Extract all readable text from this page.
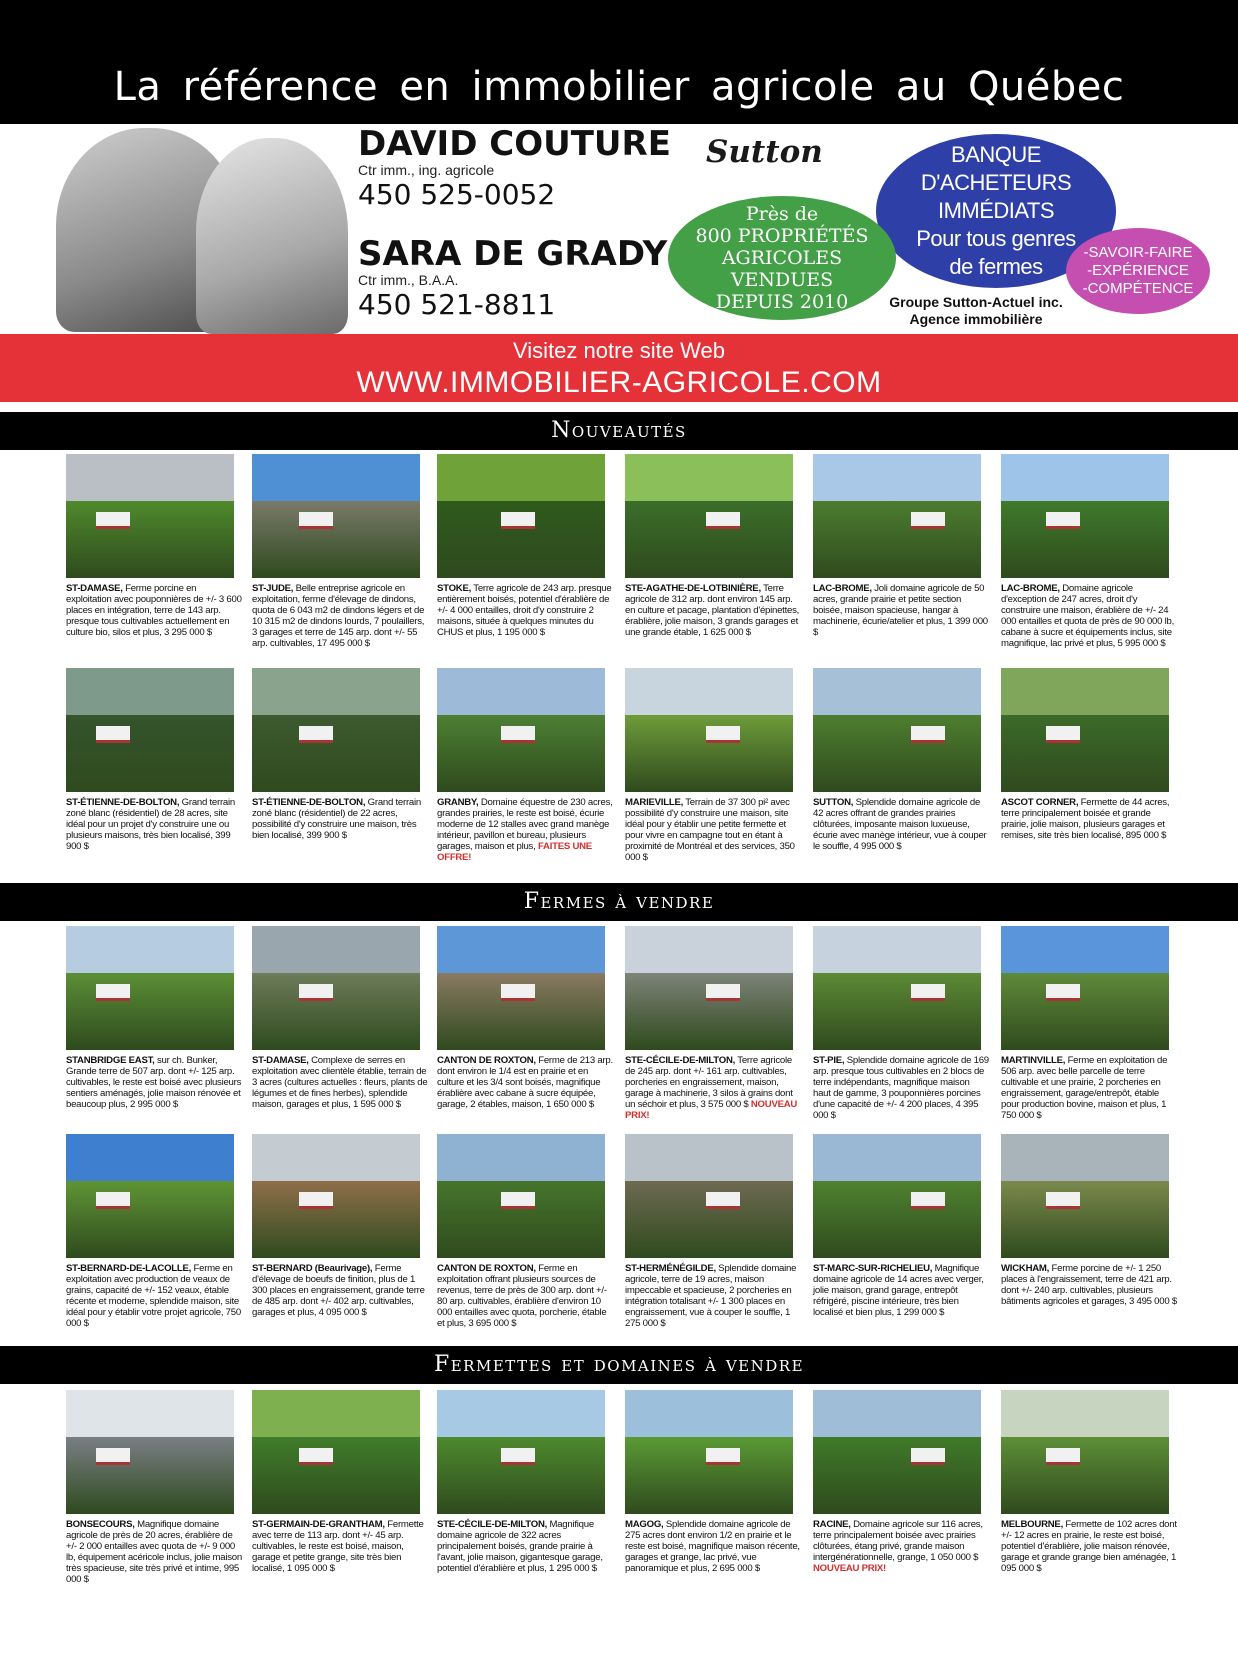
La référence en immobilier agricole au Québec
DAVID COUTURE
Ctr imm., ing. agricole
450 525-0052
SARA DE GRADY
Ctr imm., B.A.A.
450 521-8811
Sutton	BANQUE
D'ACHETEURS IMMÉDIATS
Pour tous genres
de fermes
Près de
800 PROPRIÉTÉS
AGRICOLES VENDUES
DEPUIS 2010
-SAVOIR-FAIRE
-EXPÉRIENCE
-COMPÉTENCE
Groupe Sutton-Actuel inc.
Agence immobilière
Visitez notre site Web
WWW.IMMOBILIER-AGRICOLE.COM
Nouveautés
Fermes à vendre
Fermettes et domaines à vendre
ST-DAMASE, Ferme porcine en exploitation avec pouponnières de +/- 3 600 places en intégration, terre de 143 arp. presque tous cultivables actuellement en culture bio, silos et plus, 3 295 000 $
ST-JUDE, Belle entreprise agricole en exploitation, ferme d'élevage de dindons, quota de 6 043 m2 de dindons légers et de 10 315 m2 de dindons lourds, 7 poulaillers, 3 garages et terre de 145 arp. dont +/- 55 arp. cultivables, 17 495 000 $
STOKE, Terre agricole de 243 arp. presque entièrement boisés, potentiel d'érablière de +/- 4 000 entailles, droit d'y construire 2 maisons, située à quelques minutes du CHUS et plus, 1 195 000 $
STE-AGATHE-DE-LOTBINIÈRE, Terre agricole de 312 arp. dont environ 145 arp. en culture et pacage, plantation d'épinettes, érablière, jolie maison, 3 grands garages et une grande étable, 1 625 000 $
LAC-BROME, Joli domaine agricole de 50 acres, grande prairie et petite section boisée, maison spacieuse, hangar à machinerie, écurie/atelier et plus, 1 399 000 $
LAC-BROME, Domaine agricole d'exception de 247 acres, droit d'y construire une maison, érablière de +/- 24 000 entailles et quota de près de 90 000 lb, cabane à sucre et équipements inclus, site magnifique, lac privé et plus, 5 995 000 $
ST-ÉTIENNE-DE-BOLTON, Grand terrain zoné blanc (résidentiel) de 28 acres, site idéal pour un projet d'y construire une ou plusieurs maisons, très bien localisé, 399 900 $
ST-ÉTIENNE-DE-BOLTON, Grand terrain zoné blanc (résidentiel) de 22 acres, possibilité d'y construire une maison, très bien localisé, 399 900 $
GRANBY, Domaine équestre de 230 acres, grandes prairies, le reste est boisé, écurie moderne de 12 stalles avec grand manège intérieur, pavillon et bureau, plusieurs garages, maison et plus, FAITES UNE OFFRE!
MARIEVILLE, Terrain de 37 300 pi² avec possibilité d'y construire une maison, site idéal pour y établir une petite fermette et pour vivre en campagne tout en étant à proximité de Montréal et des services, 350 000 $
SUTTON, Splendide domaine agricole de 42 acres offrant de grandes prairies clôturées, imposante maison luxueuse, écurie avec manège intérieur, vue à couper le souffle, 4 995 000 $
ASCOT CORNER, Fermette de 44 acres, terre principalement boisée et grande prairie, jolie maison, plusieurs garages et remises, site très bien localisé, 895 000 $
STANBRIDGE EAST, sur ch. Bunker, Grande terre de 507 arp. dont +/- 125 arp. cultivables, le reste est boisé avec plusieurs sentiers aménagés, jolie maison rénovée et beaucoup plus, 2 995 000 $
ST-DAMASE, Complexe de serres en exploitation avec clientèle établie, terrain de 3 acres (cultures actuelles : fleurs, plants de légumes et de fines herbes), splendide maison, garages et plus, 1 595 000 $
CANTON DE ROXTON, Ferme de 213 arp. dont environ le 1/4 est en prairie et en culture et les 3/4 sont boisés, magnifique érablière avec cabane à sucre équipée, garage, 2 étables, maison, 1 650 000 $
STE-CÉCILE-DE-MILTON, Terre agricole de 245 arp. dont +/- 161 arp. cultivables, porcheries en engraissement, maison, garage à machinerie, 3 silos à grains dont un séchoir et plus, 3 575 000 $ NOUVEAU PRIX!
ST-PIE, Splendide domaine agricole de 169 arp. presque tous cultivables en 2 blocs de terre indépendants, magnifique maison haut de gamme, 3 pouponnières porcines d'une capacité de +/- 4 200 places, 4 395 000 $
MARTINVILLE, Ferme en exploitation de 506 arp. avec belle parcelle de terre cultivable et une prairie, 2 porcheries en engraissement, garage/entrepôt, étable pour production bovine, maison et plus, 1 750 000 $
ST-BERNARD-DE-LACOLLE, Ferme en exploitation avec production de veaux de grains, capacité de +/- 152 veaux, étable récente et moderne, splendide maison, site idéal pour y établir votre projet agricole, 750 000 $
ST-BERNARD (Beaurivage), Ferme d'élevage de boeufs de finition, plus de 1 300 places en engraissement, grande terre de 485 arp. dont +/- 402 arp. cultivables, garages et plus, 4 095 000 $
CANTON DE ROXTON, Ferme en exploitation offrant plusieurs sources de revenus, terre de près de 300 arp. dont +/- 80 arp. cultivables, érablière d'environ 10 000 entailles avec quota, porcherie, étable et plus, 3 695 000 $
ST-HERMÉNÉGILDE, Splendide domaine agricole, terre de 19 acres, maison impeccable et spacieuse, 2 porcheries en intégration totalisant +/- 1 300 places en engraissement, vue à couper le souffle, 1 275 000 $
ST-MARC-SUR-RICHELIEU, Magnifique domaine agricole de 14 acres avec verger, jolie maison, grand garage, entrepôt réfrigéré, piscine intérieure, très bien localisé et bien plus, 1 299 000 $
WICKHAM, Ferme porcine de +/- 1 250 places à l'engraissement, terre de 421 arp. dont +/- 240 arp. cultivables, plusieurs bâtiments agricoles et garages, 3 495 000 $
BONSECOURS, Magnifique domaine agricole de près de 20 acres, érablière de +/- 2 000 entailles avec quota de +/- 9 000 lb, équipement acéricole inclus, jolie maison très spacieuse, site très privé et intime, 995 000 $
ST-GERMAIN-DE-GRANTHAM, Fermette avec terre de 113 arp. dont +/- 45 arp. cultivables, le reste est boisé, maison, garage et petite grange, site très bien localisé, 1 095 000 $
STE-CÉCILE-DE-MILTON, Magnifique domaine agricole de 322 acres principalement boisés, grande prairie à l'avant, jolie maison, gigantesque garage, potentiel d'érablière et plus, 1 295 000 $
MAGOG, Splendide domaine agricole de 275 acres dont environ 1/2 en prairie et le reste est boisé, magnifique maison récente, garages et grange, lac privé, vue panoramique et plus, 2 695 000 $
RACINE, Domaine agricole sur 116 acres, terre principalement boisée avec prairies clôturées, étang privé, grande maison intergénérationnelle, grange, 1 050 000 $ NOUVEAU PRIX!
MELBOURNE, Fermette de 102 acres dont +/- 12 acres en prairie, le reste est boisé, potentiel d'érablière, jolie maison rénovée, garage et grande grange bien aménagée, 1 095 000 $
